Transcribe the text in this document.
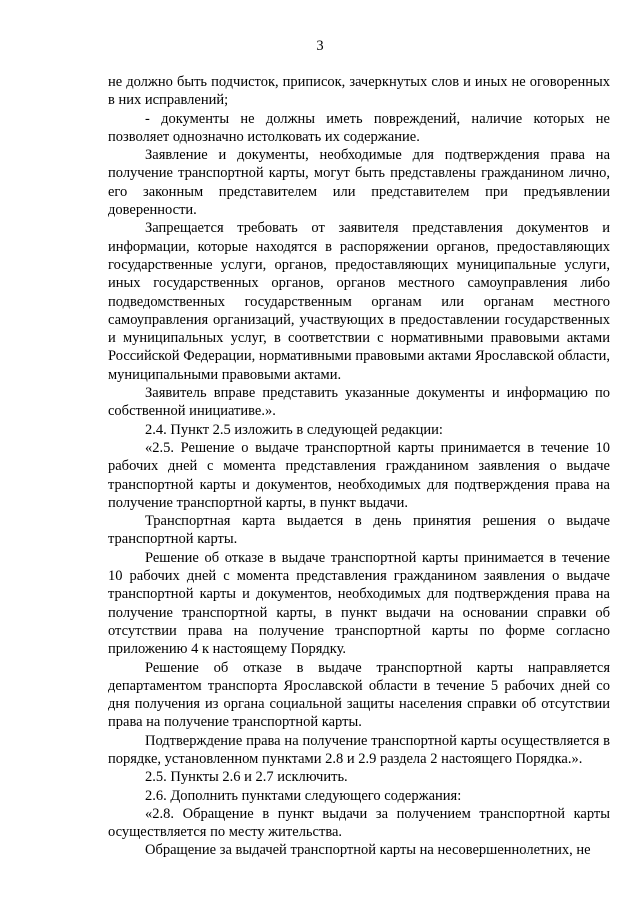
3

не должно быть подчисток, приписок, зачеркнутых слов и иных не оговоренных в них исправлений;

- документы не должны иметь повреждений, наличие которых не позволяет однозначно истолковать их содержание.

Заявление и документы, необходимые для подтверждения права на получение транспортной карты, могут быть представлены гражданином лично, его законным представителем или представителем при предъявлении доверенности.

Запрещается требовать от заявителя представления документов и информации, которые находятся в распоряжении органов, предоставляющих государственные услуги, органов, предоставляющих муниципальные услуги, иных государственных органов, органов местного самоуправления либо подведомственных государственным органам или органам местного самоуправления организаций, участвующих в предоставлении государственных и муниципальных услуг, в соответствии с нормативными правовыми актами Российской Федерации, нормативными правовыми актами Ярославской области, муниципальными правовыми актами.

Заявитель вправе представить указанные документы и информацию по собственной инициативе.».

2.4. Пункт 2.5 изложить в следующей редакции:

«2.5. Решение о выдаче транспортной карты принимается в течение 10 рабочих дней с момента представления гражданином заявления о выдаче транспортной карты и документов, необходимых для подтверждения права на получение транспортной карты, в пункт выдачи.

Транспортная карта выдается в день принятия решения о выдаче транспортной карты.

Решение об отказе в выдаче транспортной карты принимается в течение 10 рабочих дней с момента представления гражданином заявления о выдаче транспортной карты и документов, необходимых для подтверждения права на получение транспортной карты, в пункт выдачи на основании справки об отсутствии права на получение транспортной карты по форме согласно приложению 4 к настоящему Порядку.

Решение об отказе в выдаче транспортной карты направляется департаментом транспорта Ярославской области в течение 5 рабочих дней со дня получения из органа социальной защиты населения справки об отсутствии права на получение транспортной карты.

Подтверждение права на получение транспортной карты осуществляется в порядке, установленном пунктами 2.8 и 2.9 раздела 2 настоящего Порядка.».

2.5. Пункты 2.6 и 2.7 исключить.

2.6. Дополнить пунктами следующего содержания:

«2.8. Обращение в пункт выдачи за получением транспортной карты осуществляется по месту жительства.

Обращение за выдачей транспортной карты на несовершеннолетних, не
